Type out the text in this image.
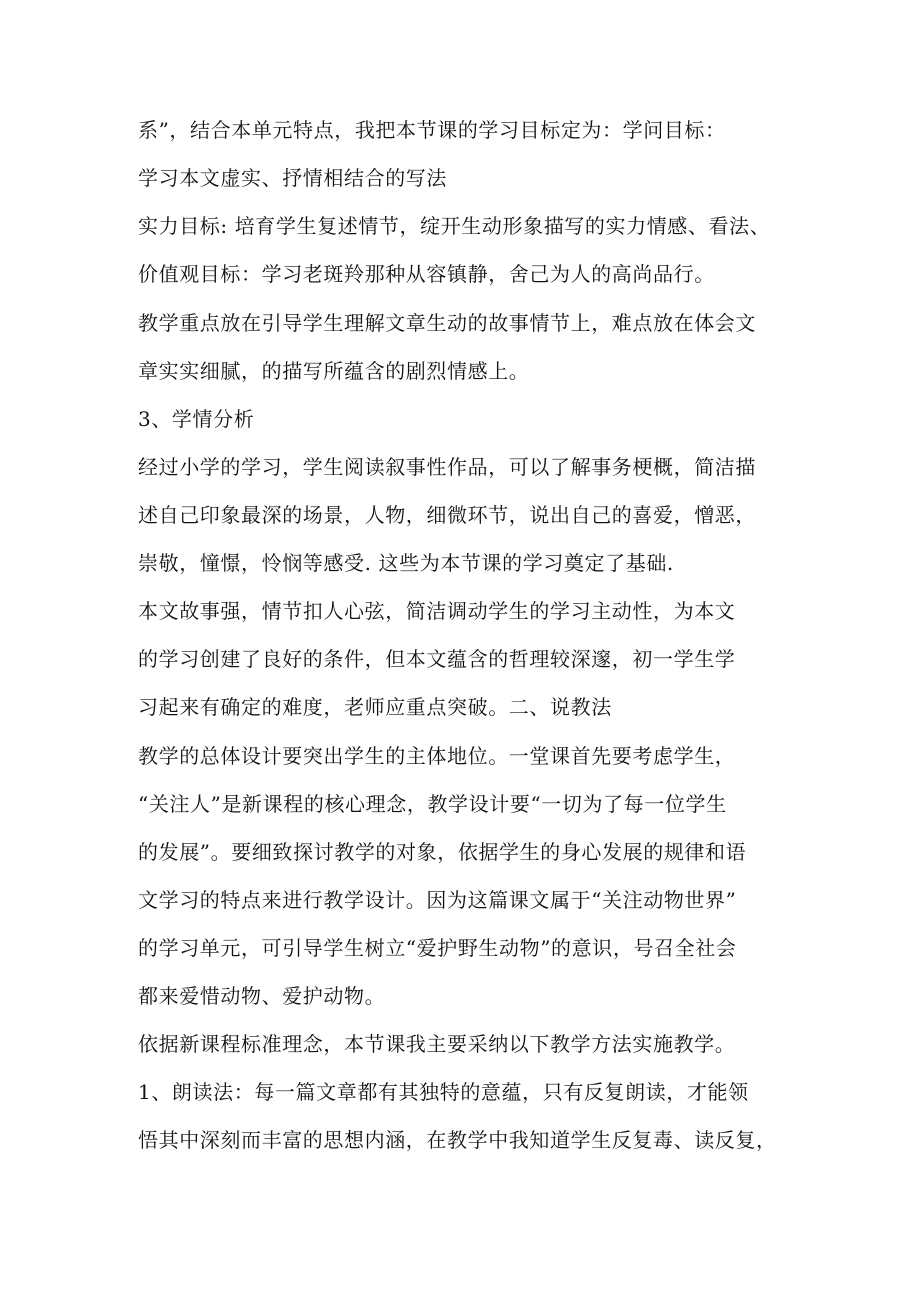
系”，结合本单元特点，我把本节课的学习目标定为：学问目标：
学习本文虚实、抒情相结合的写法
实力目标: 培育学生复述情节，绽开生动形象描写的实力情感、看法、
价值观目标：学习老斑羚那种从容镇静，舍己为人的高尚品行。
教学重点放在引导学生理解文章生动的故事情节上，难点放在体会文
章实实细腻，的描写所蕴含的剧烈情感上。
3、学情分析
经过小学的学习，学生阅读叙事性作品，可以了解事务梗概，简洁描
述自己印象最深的场景，人物，细微环节，说出自己的喜爱，憎恶，
崇敬，憧憬，怜悯等感受. 这些为本节课的学习奠定了基础.
本文故事强，情节扣人心弦，简洁调动学生的学习主动性，为本文
的学习创建了良好的条件，但本文蕴含的哲理较深邃，初一学生学
习起来有确定的难度，老师应重点突破。二、说教法
教学的总体设计要突出学生的主体地位。一堂课首先要考虑学生，
“关注人”是新课程的核心理念，教学设计要“一切为了每一位学生
的发展”。要细致探讨教学的对象，依据学生的身心发展的规律和语
文学习的特点来进行教学设计。因为这篇课文属于“关注动物世界”
的学习单元，可引导学生树立“爱护野生动物”的意识，号召全社会
都来爱惜动物、爱护动物。
依据新课程标准理念，本节课我主要采纳以下教学方法实施教学。
1、朗读法：每一篇文章都有其独特的意蕴，只有反复朗读，才能领
悟其中深刻而丰富的思想内涵，在教学中我知道学生反复毒、读反复，
